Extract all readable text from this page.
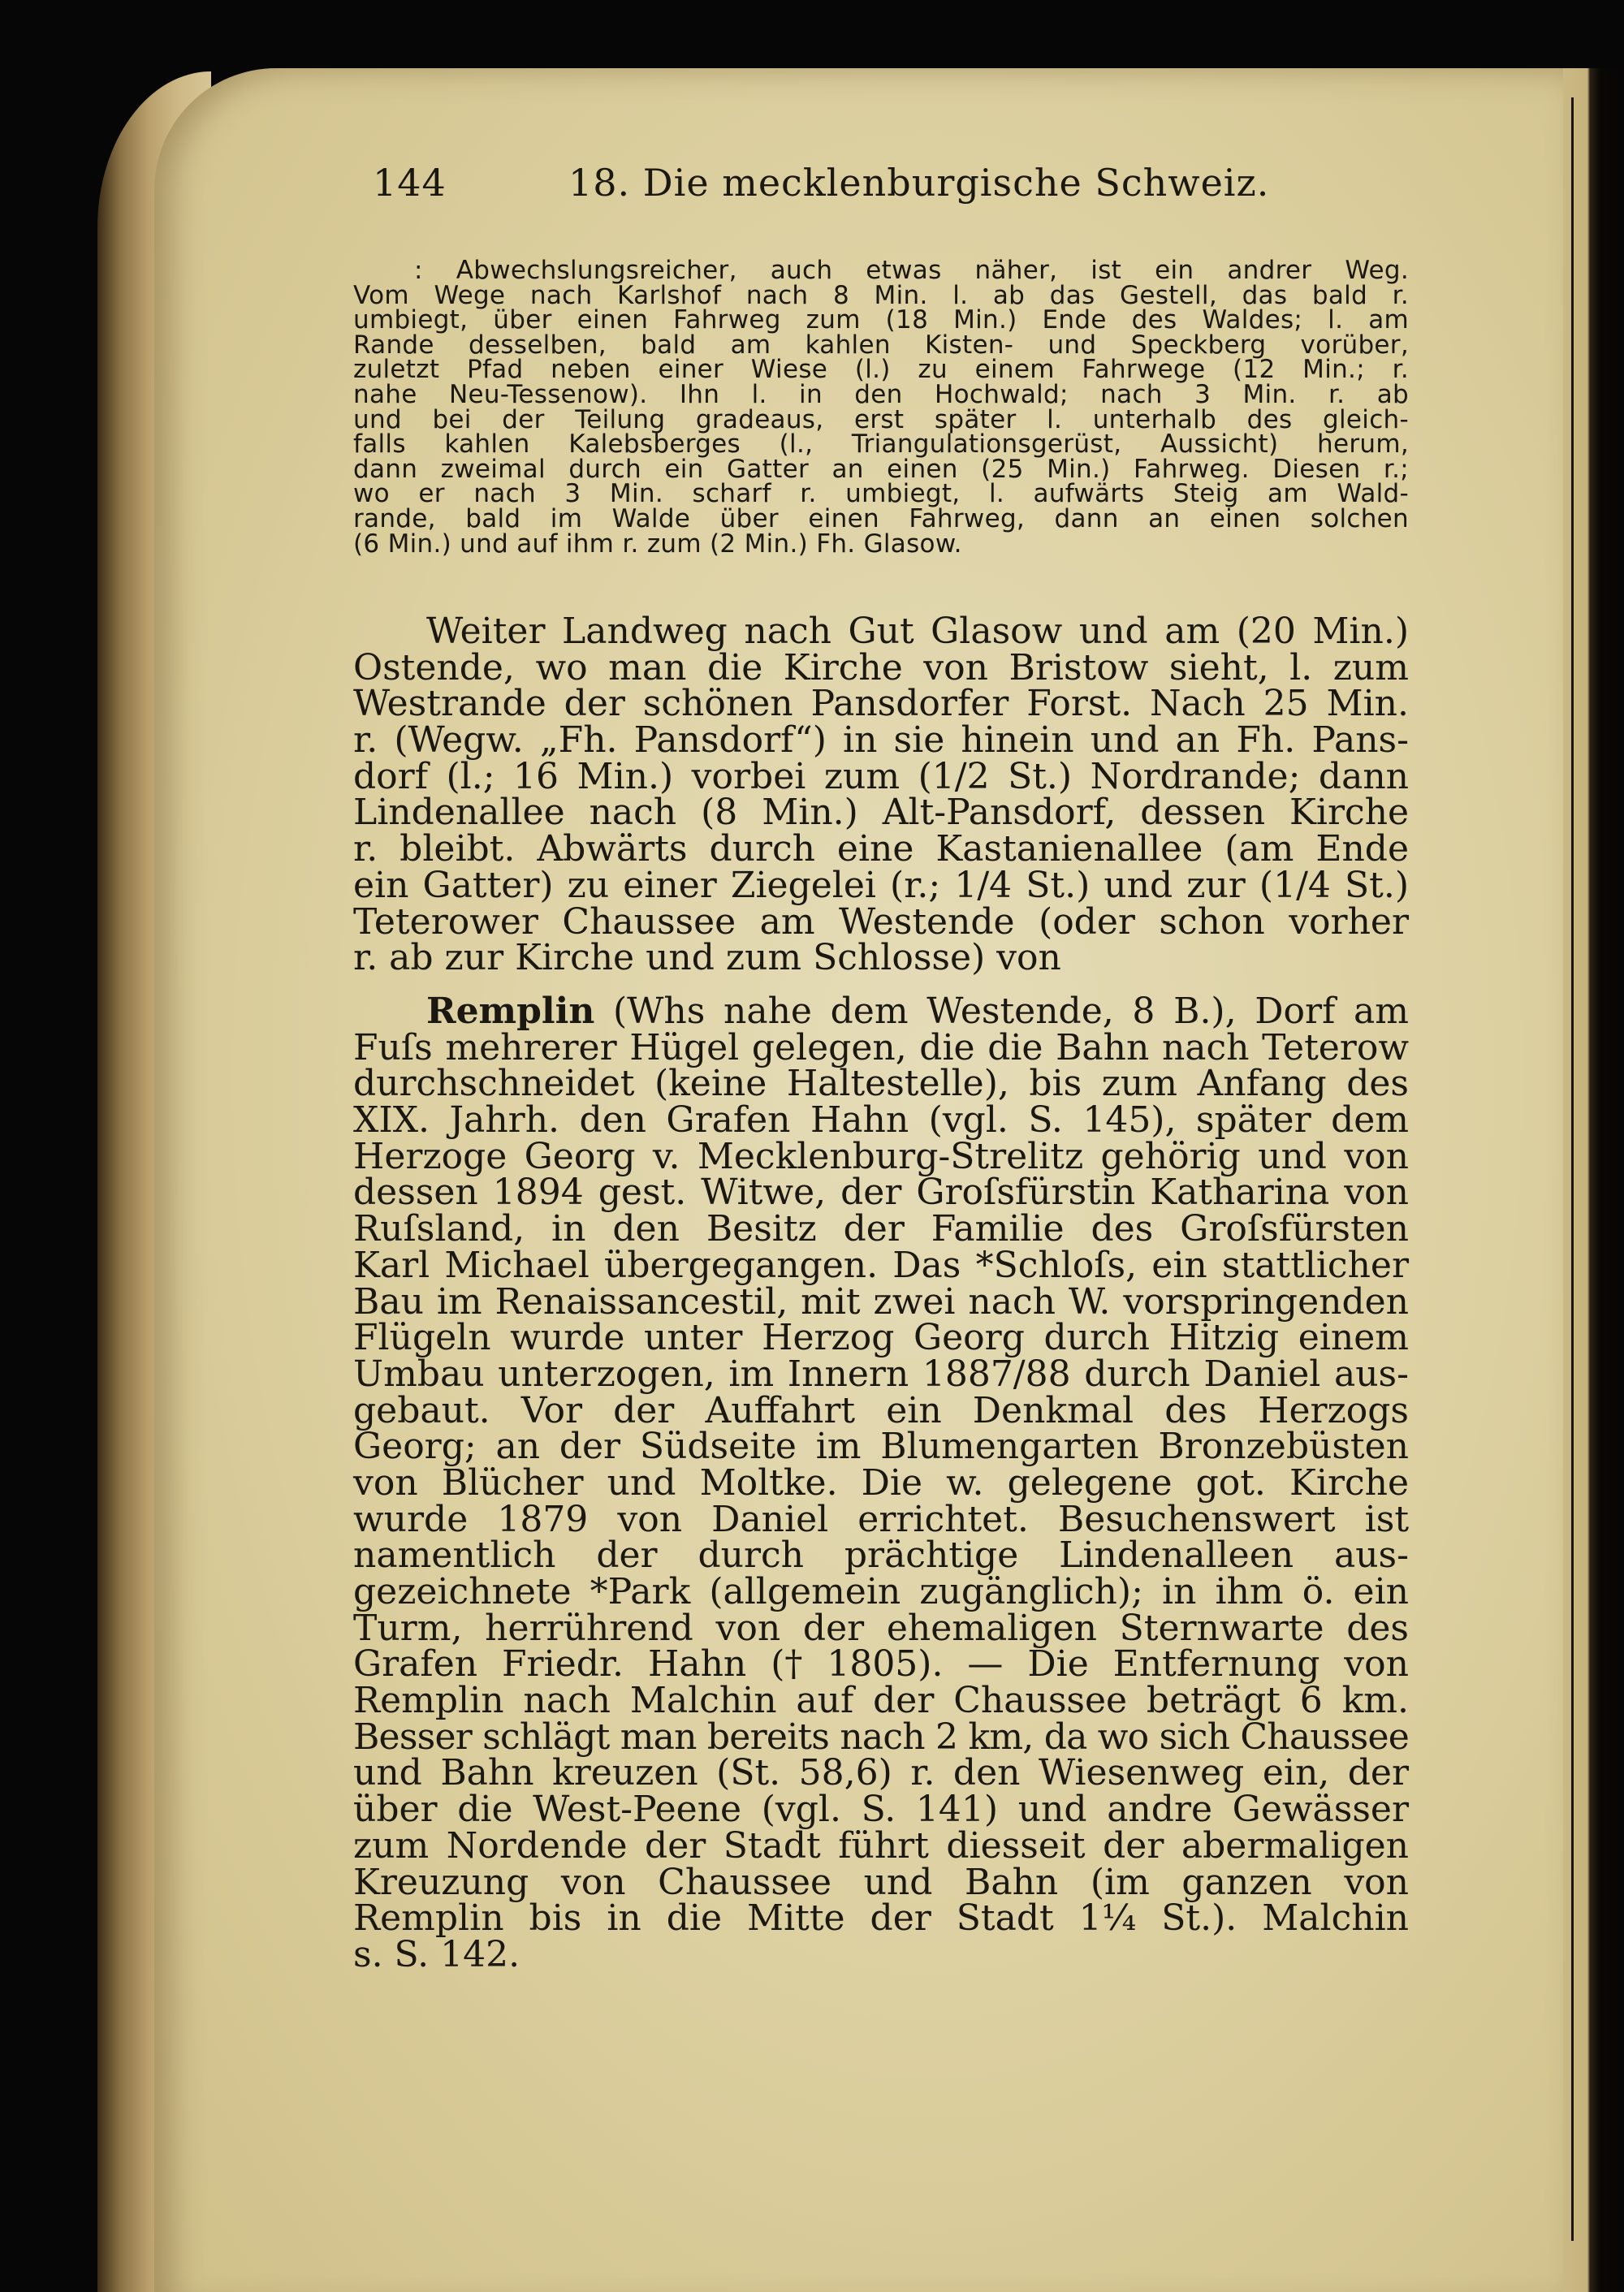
144	18. Die mecklenburgische Schweiz.
: Abwechslungsreicher, auch etwas näher, ist ein andrer Weg.
Vom Wege nach Karlshof nach 8 Min. l. ab das Gestell, das bald r.
umbiegt, über einen Fahrweg zum (18 Min.) Ende des Waldes; l. am
Rande desselben, bald am kahlen Kisten- und Speckberg vorüber,
zuletzt Pfad neben einer Wiese (l.) zu einem Fahrwege (12 Min.; r.
nahe Neu-Tessenow). Ihn l. in den Hochwald; nach 3 Min. r. ab
und bei der Teilung gradeaus, erst später l. unterhalb des gleich-
falls kahlen Kalebsberges (l., Triangulationsgerüst, Aussicht) herum,
dann zweimal durch ein Gatter an einen (25 Min.) Fahrweg. Diesen r.;
wo er nach 3 Min. scharf r. umbiegt, l. aufwärts Steig am Wald-
rande, bald im Walde über einen Fahrweg, dann an einen solchen
(6 Min.) und auf ihm r. zum (2 Min.) Fh. Glasow.
Weiter Landweg nach Gut Glasow und am (20 Min.)
Ostende, wo man die Kirche von Bristow sieht, l. zum
Westrande der schönen Pansdorfer Forst. Nach 25 Min.
r. (Wegw. „Fh. Pansdorf“) in sie hinein und an Fh. Pans-
dorf (l.; 16 Min.) vorbei zum (1/2 St.) Nordrande; dann
Lindenallee nach (8 Min.) Alt-Pansdorf, dessen Kirche
r. bleibt. Abwärts durch eine Kastanienallee (am Ende
ein Gatter) zu einer Ziegelei (r.; 1/4 St.) und zur (1/4 St.)
Teterower Chaussee am Westende (oder schon vorher
r. ab zur Kirche und zum Schlosse) von
Remplin (Whs nahe dem Westende, 8 B.), Dorf am
Fuſs mehrerer Hügel gelegen, die die Bahn nach Teterow
durchschneidet (keine Haltestelle), bis zum Anfang des
XIX. Jahrh. den Grafen Hahn (vgl. S. 145), später dem
Herzoge Georg v. Mecklenburg-Strelitz gehörig und von
dessen 1894 gest. Witwe, der Groſsfürstin Katharina von
Ruſsland, in den Besitz der Familie des Groſsfürsten
Karl Michael übergegangen. Das *Schloſs, ein stattlicher
Bau im Renaissancestil, mit zwei nach W. vorspringenden
Flügeln wurde unter Herzog Georg durch Hitzig einem
Umbau unterzogen, im Innern 1887/88 durch Daniel aus-
gebaut. Vor der Auffahrt ein Denkmal des Herzogs
Georg; an der Südseite im Blumengarten Bronzebüsten
von Blücher und Moltke. Die w. gelegene got. Kirche
wurde 1879 von Daniel errichtet. Besuchenswert ist
namentlich der durch prächtige Lindenalleen aus-
gezeichnete *Park (allgemein zugänglich); in ihm ö. ein
Turm, herrührend von der ehemaligen Sternwarte des
Grafen Friedr. Hahn († 1805). — Die Entfernung von
Remplin nach Malchin auf der Chaussee beträgt 6 km.
Besser schlägt man bereits nach 2 km, da wo sich Chaussee
und Bahn kreuzen (St. 58,6) r. den Wiesenweg ein, der
über die West-Peene (vgl. S. 141) und andre Gewässer
zum Nordende der Stadt führt diesseit der abermaligen
Kreuzung von Chaussee und Bahn (im ganzen von
Remplin bis in die Mitte der Stadt 1¼ St.). Malchin
s. S. 142.
